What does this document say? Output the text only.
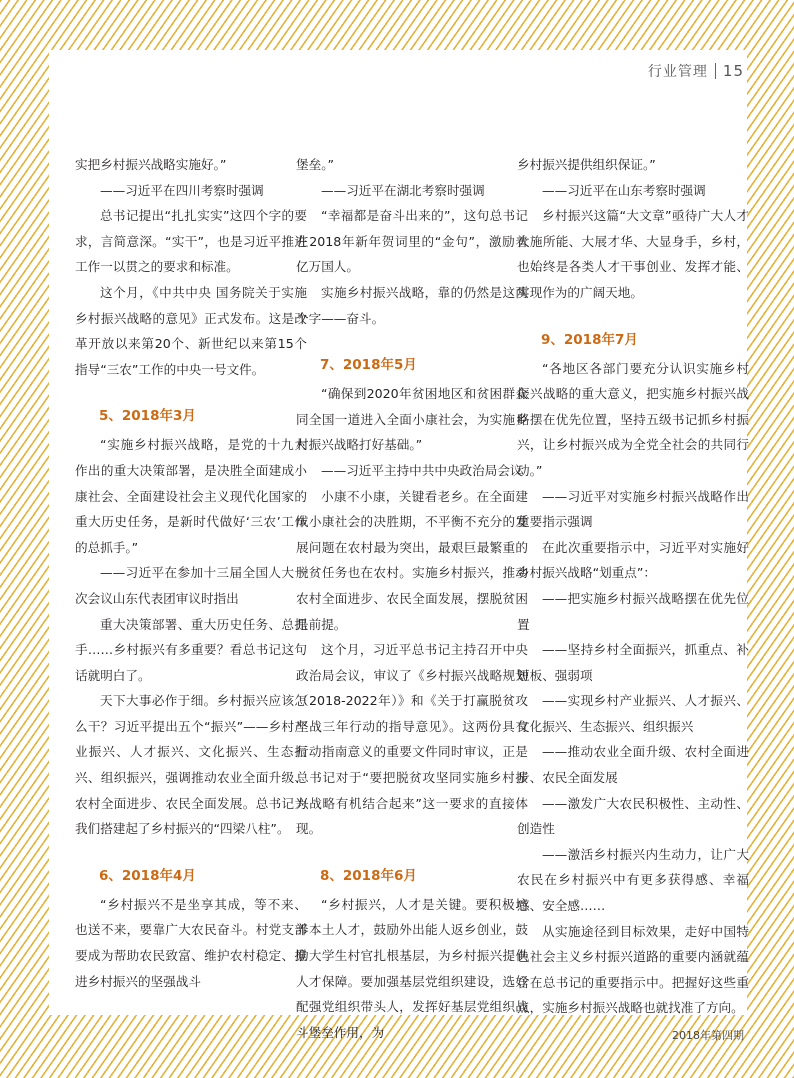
行业管理 15

实把乡村振兴战略实施好。”

——习近平在四川考察时强调

总书记提出“扎扎实实”这四个字的要求，言简意深。“实干”，也是习近平推进工作一以贯之的要求和标准。

这个月，《中共中央 国务院关于实施乡村振兴战略的意见》正式发布。这是改革开放以来第20个、新世纪以来第15个指导“三农”工作的中央一号文件。

5、2018年3月

“实施乡村振兴战略，是党的十九大作出的重大决策部署，是决胜全面建成小康社会、全面建设社会主义现代化国家的重大历史任务，是新时代做好‘三农’工作的总抓手。”

——习近平在参加十三届全国人大一次会议山东代表团审议时指出

重大决策部署、重大历史任务、总抓手……乡村振兴有多重要？看总书记这句话就明白了。

天下大事必作于细。乡村振兴应该怎么干？习近平提出五个“振兴”——乡村产业振兴、人才振兴、文化振兴、生态振兴、组织振兴，强调推动农业全面升级、农村全面进步、农民全面发展。总书记为我们搭建起了乡村振兴的“四梁八柱”。

6、2018年4月

“乡村振兴不是坐享其成，等不来、也送不来，要靠广大农民奋斗。村党支部要成为帮助农民致富、维护农村稳定、推进乡村振兴的坚强战斗

堡垒。”

——习近平在湖北考察时强调

“幸福都是奋斗出来的”，这句总书记在2018年新年贺词里的“金句”，激励着亿万国人。

实施乡村振兴战略，靠的仍然是这两个字——奋斗。

7、2018年5月

“确保到2020年贫困地区和贫困群众同全国一道进入全面小康社会，为实施乡村振兴战略打好基础。”

——习近平主持中共中央政治局会议

小康不小康，关键看老乡。在全面建成小康社会的决胜期，不平衡不充分的发展问题在农村最为突出，最艰巨最繁重的脱贫任务也在农村。实施乡村振兴，推动农村全面进步、农民全面发展，摆脱贫困是前提。

这个月，习近平总书记主持召开中央政治局会议，审议了《乡村振兴战略规划（2018-2022年）》和《关于打赢脱贫攻坚战三年行动的指导意见》。这两份具有行动指南意义的重要文件同时审议，正是总书记对于“要把脱贫攻坚同实施乡村振兴战略有机结合起来”这一要求的直接体现。

8、2018年6月

“乡村振兴，人才是关键。要积极培养本土人才，鼓励外出能人返乡创业，鼓励大学生村官扎根基层，为乡村振兴提供人才保障。要加强基层党组织建设，选好配强党组织带头人，发挥好基层党组织战斗堡垒作用，为

乡村振兴提供组织保证。”

——习近平在山东考察时强调

乡村振兴这篇“大文章”亟待广大人才大施所能、大展才华、大显身手，乡村，也始终是各类人才干事创业、发挥才能、实现作为的广阔天地。

9、2018年7月

“各地区各部门要充分认识实施乡村振兴战略的重大意义，把实施乡村振兴战略摆在优先位置，坚持五级书记抓乡村振兴，让乡村振兴成为全党全社会的共同行动。”

——习近平对实施乡村振兴战略作出重要指示强调

在此次重要指示中，习近平对实施好乡村振兴战略“划重点”：

——把实施乡村振兴战略摆在优先位置

——坚持乡村全面振兴，抓重点、补短板、强弱项

——实现乡村产业振兴、人才振兴、文化振兴、生态振兴、组织振兴

——推动农业全面升级、农村全面进步、农民全面发展

——激发广大农民积极性、主动性、创造性

——激活乡村振兴内生动力，让广大农民在乡村振兴中有更多获得感、幸福感、安全感……

从实施途径到目标效果，走好中国特色社会主义乡村振兴道路的重要内涵就蕴含在总书记的重要指示中。把握好这些重点，实施乡村振兴战略也就找准了方向。

2018年第四期
